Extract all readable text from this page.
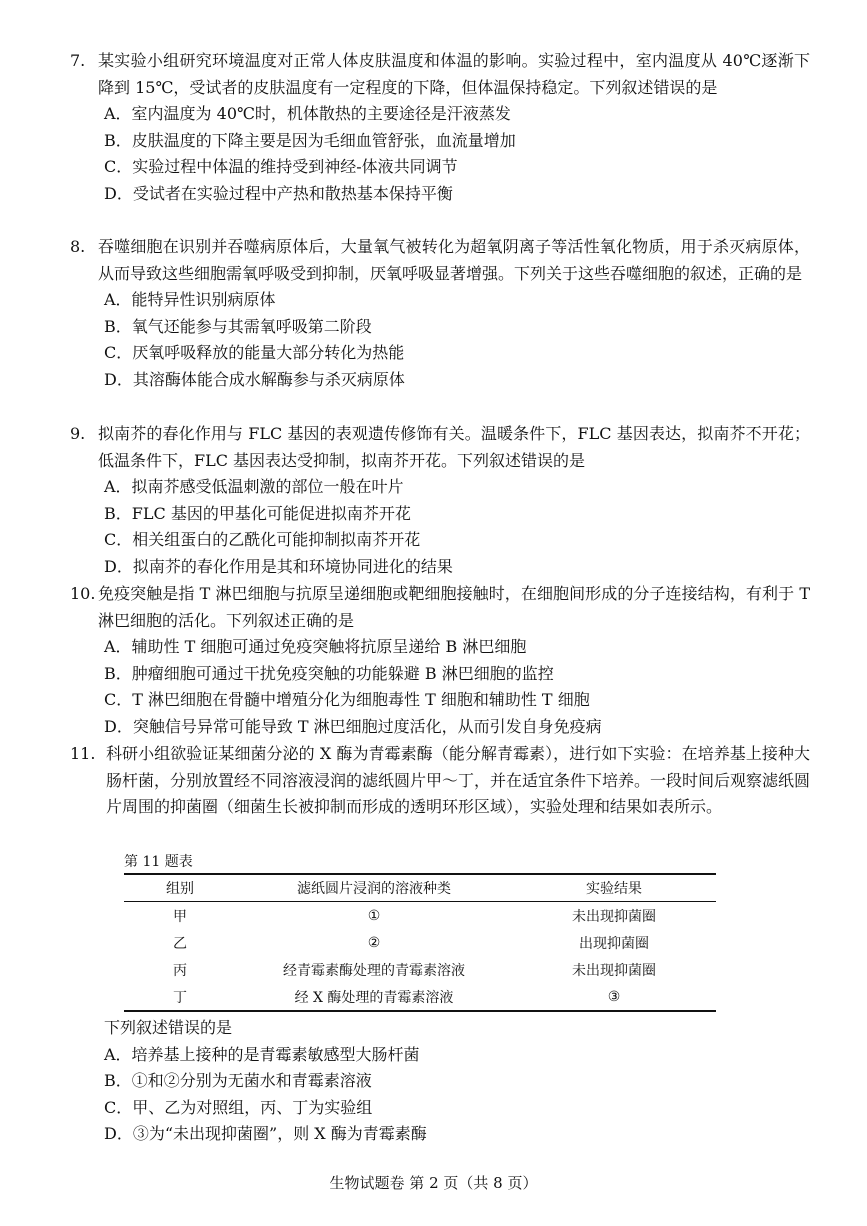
7. 某实验小组研究环境温度对正常人体皮肤温度和体温的影响。实验过程中，室内温度从 40℃逐渐下降到 15℃，受试者的皮肤温度有一定程度的下降，但体温保持稳定。下列叙述错误的是
A．室内温度为 40℃时，机体散热的主要途径是汗液蒸发
B．皮肤温度的下降主要是因为毛细血管舒张，血流量增加
C．实验过程中体温的维持受到神经-体液共同调节
D．受试者在实验过程中产热和散热基本保持平衡
8. 吞噬细胞在识别并吞噬病原体后，大量氧气被转化为超氧阴离子等活性氧化物质，用于杀灭病原体，从而导致这些细胞需氧呼吸受到抑制，厌氧呼吸显著增强。下列关于这些吞噬细胞的叙述，正确的是
A．能特异性识别病原体
B．氧气还能参与其需氧呼吸第二阶段
C．厌氧呼吸释放的能量大部分转化为热能
D．其溶酶体能合成水解酶参与杀灭病原体
9. 拟南芥的春化作用与 FLC 基因的表观遗传修饰有关。温暖条件下，FLC 基因表达，拟南芥不开花；低温条件下，FLC 基因表达受抑制，拟南芥开花。下列叙述错误的是
A．拟南芥感受低温刺激的部位一般在叶片
B．FLC 基因的甲基化可能促进拟南芥开花
C．相关组蛋白的乙酰化可能抑制拟南芥开花
D．拟南芥的春化作用是其和环境协同进化的结果
10. 免疫突触是指 T 淋巴细胞与抗原呈递细胞或靶细胞接触时，在细胞间形成的分子连接结构，有利于 T 淋巴细胞的活化。下列叙述正确的是
A．辅助性 T 细胞可通过免疫突触将抗原呈递给 B 淋巴细胞
B．肿瘤细胞可通过干扰免疫突触的功能躲避 B 淋巴细胞的监控
C．T 淋巴细胞在骨髓中增殖分化为细胞毒性 T 细胞和辅助性 T 细胞
D．突触信号异常可能导致 T 淋巴细胞过度活化，从而引发自身免疫病
11. 科研小组欲验证某细菌分泌的 X 酶为青霉素酶（能分解青霉素），进行如下实验：在培养基上接种大肠杆菌，分别放置经不同溶液浸润的滤纸圆片甲～丁，并在适宜条件下培养。一段时间后观察滤纸圆片周围的抑菌圈（细菌生长被抑制而形成的透明环形区域），实验处理和结果如表所示。
第 11 题表
组别	滤纸圆片浸润的溶液种类	实验结果
甲	①	未出现抑菌圈
乙	②	出现抑菌圈
丙	经青霉素酶处理的青霉素溶液	未出现抑菌圈
丁	经 X 酶处理的青霉素溶液	③
下列叙述错误的是
A．培养基上接种的是青霉素敏感型大肠杆菌
B．①和②分别为无菌水和青霉素溶液
C．甲、乙为对照组，丙、丁为实验组
D．③为“未出现抑菌圈”，则 X 酶为青霉素酶
生物试题卷 第 2 页（共 8 页）
